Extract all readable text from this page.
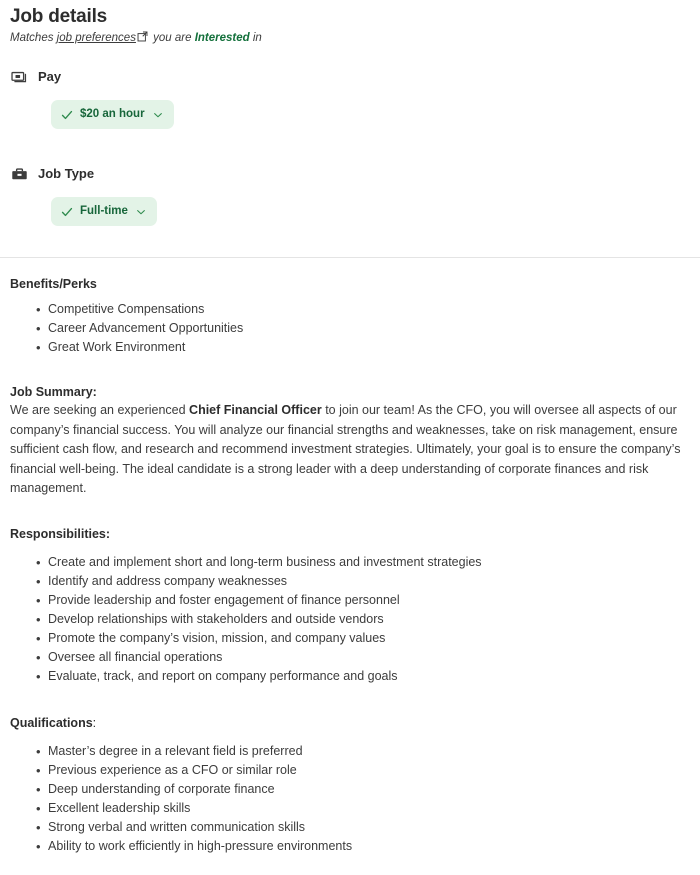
Job details
Matches job preferences you are Interested in
Pay
$20 an hour
Job Type
Full-time
Benefits/Perks
• Competitive Compensations
• Career Advancement Opportunities
• Great Work Environment
Job Summary:

We are seeking an experienced Chief Financial Officer to join our team! As the CFO, you will oversee all aspects of our company’s financial success. You will analyze our financial strengths and weaknesses, take on risk management, ensure sufficient cash flow, and research and recommend investment strategies. Ultimately, your goal is to ensure the company’s financial well-being. The ideal candidate is a strong leader with a deep understanding of corporate finances and risk management.

Responsibilities:
• Create and implement short and long-term business and investment strategies
• Identify and address company weaknesses
• Provide leadership and foster engagement of finance personnel
• Develop relationships with stakeholders and outside vendors
• Promote the company’s vision, mission, and company values
• Oversee all financial operations
• Evaluate, track, and report on company performance and goals
Qualifications:
• Master’s degree in a relevant field is preferred
• Previous experience as a CFO or similar role
• Deep understanding of corporate finance
• Excellent leadership skills
• Strong verbal and written communication skills
• Ability to work efficiently in high-pressure environments
